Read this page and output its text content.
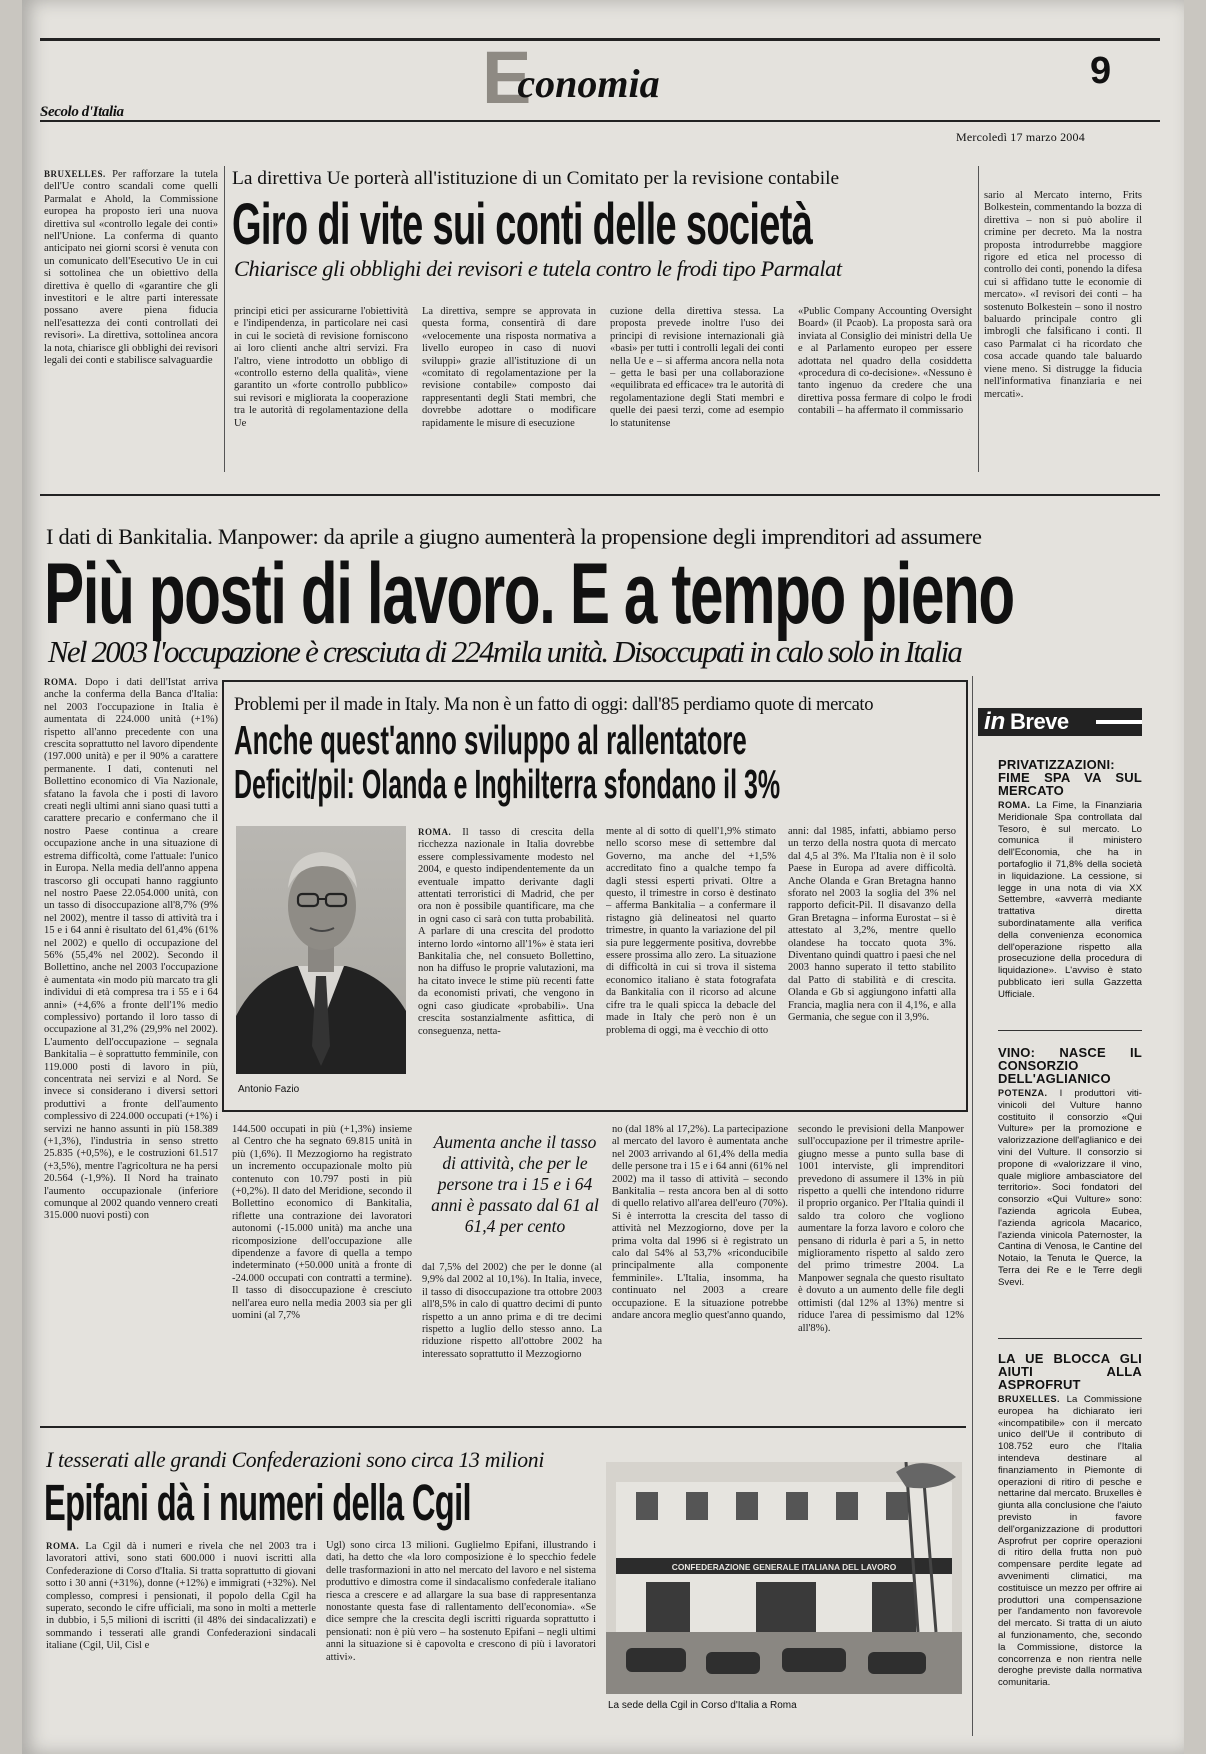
Secolo d'Italia	Economia	9
Mercoledì 17 marzo 2004
BRUXELLES. Per rafforzare la tutela dell'Ue contro scandali come quelli Parmalat e Ahold, la Commissione europea ha proposto ieri una nuova direttiva sul «controllo legale dei conti» nell'Unione. La conferma di quanto anticipato nei giorni scorsi è venuta con un comunicato dell'Esecutivo Ue in cui si sottolinea che un obiettivo della direttiva è quello di «garantire che gli investitori e le altre parti interessate possano avere piena fiducia nell'esattezza dei conti controllati dei revisori». La direttiva, sottolinea ancora la nota, chiarisce gli obblighi dei revisori legali dei conti e stabilisce salvaguardie
La direttiva Ue porterà all'istituzione di un Comitato per la revisione contabile
Giro di vite sui conti delle società
Chiarisce gli obblighi dei revisori e tutela contro le frodi tipo Parmalat
principi etici per assicurarne l'obiettività e l'indipendenza, in particolare nei casi in cui le società di revisione forniscono ai loro clienti anche altri servizi. Fra l'altro, viene introdotto un obbligo di «controllo esterno della qualità», viene garantito un «forte controllo pubblico» sui revisori e migliorata la cooperazione tra le autorità di regolamentazione della Ue
La direttiva, sempre se approvata in questa forma, consentirà di dare «velocemente una risposta normativa a livello europeo in caso di nuovi sviluppi» grazie all'istituzione di un «comitato di regolamentazione per la revisione contabile» composto dai rappresentanti degli Stati membri, che dovrebbe adottare o modificare rapidamente le misure di esecuzione
cuzione della direttiva stessa. La proposta prevede inoltre l'uso dei principi di revisione internazionali già «basi» per tutti i controlli legali dei conti nella Ue e – si afferma ancora nella nota – getta le basi per una collaborazione «equilibrata ed efficace» tra le autorità di regolamentazione degli Stati membri e quelle dei paesi terzi, come ad esempio lo statunitense
«Public Company Accounting Oversight Board» (il Pcaob). La proposta sarà ora inviata al Consiglio dei ministri della Ue e al Parlamento europeo per essere adottata nel quadro della cosiddetta «procedura di co-decisione». «Nessuno è tanto ingenuo da credere che una direttiva possa fermare di colpo le frodi contabili – ha affermato il commissario
sario al Mercato interno, Frits Bolkestein, commentando la bozza di direttiva – non si può abolire il crimine per decreto. Ma la nostra proposta introdurrebbe maggiore rigore ed etica nel processo di controllo dei conti, ponendo la difesa cui si affidano tutte le economie di mercato». «I revisori dei conti – ha sostenuto Bolkestein – sono il nostro baluardo principale contro gli imbrogli che falsificano i conti. Il caso Parmalat ci ha ricordato che cosa accade quando tale baluardo viene meno. Si distrugge la fiducia nell'informativa finanziaria e nei mercati».
I dati di Bankitalia. Manpower: da aprile a giugno aumenterà la propensione degli imprenditori ad assumere
Più posti di lavoro. E a tempo pieno
Nel 2003 l'occupazione è cresciuta di 224mila unità. Disoccupati in calo solo in Italia
ROMA. Dopo i dati dell'Istat arriva anche la conferma della Banca d'Italia: nel 2003 l'occupazione in Italia è aumentata di 224.000 unità (+1%) rispetto all'anno precedente con una crescita soprattutto nel lavoro dipendente (197.000 unità) e per il 90% a carattere permanente. I dati, contenuti nel Bollettino economico di Via Nazionale, sfatano la favola che i posti di lavoro creati negli ultimi anni siano quasi tutti a carattere precario e confermano che il nostro Paese continua a creare occupazione anche in una situazione di estrema difficoltà, come l'attuale: l'unico in Europa. Nella media dell'anno appena trascorso gli occupati hanno raggiunto nel nostro Paese 22.054.000 unità, con un tasso di disoccupazione all'8,7% (9% nel 2002), mentre il tasso di attività tra i 15 e i 64 anni è risultato del 61,4% (61% nel 2002) e quello di occupazione del 56% (55,4% nel 2002). Secondo il Bollettino, anche nel 2003 l'occupazione è aumentata «in modo più marcato tra gli individui di età compresa tra i 55 e i 64 anni» (+4,6% a fronte dell'1% medio complessivo) portando il loro tasso di occupazione al 31,2% (29,9% nel 2002). L'aumento dell'occupazione – segnala Bankitalia – è soprattutto femminile, con 119.000 posti di lavoro in più, concentrata nei servizi e al Nord. Se invece si considerano i diversi settori produttivi a fronte dell'aumento complessivo di 224.000 occupati (+1%) i servizi ne hanno assunti in più 158.389 (+1,3%), l'industria in senso stretto 25.835 (+0,5%), e le costruzioni 61.517 (+3,5%), mentre l'agricoltura ne ha persi 20.564 (-1,9%). Il Nord ha trainato l'aumento occupazionale (inferiore comunque al 2002 quando vennero creati 315.000 nuovi posti) con
Problemi per il made in Italy. Ma non è un fatto di oggi: dall'85 perdiamo quote di mercato
Anche quest'anno sviluppo al rallentatore
Deficit/pil: Olanda e Inghilterra sfondano il 3%
Antonio Fazio
ROMA. Il tasso di crescita della ricchezza nazionale in Italia dovrebbe essere complessivamente modesto nel 2004, e questo indipendentemente da un eventuale impatto derivante dagli attentati terroristici di Madrid, che per ora non è possibile quantificare, ma che in ogni caso ci sarà con tutta probabilità. A parlare di una crescita del prodotto interno lordo «intorno all'1%» è stata ieri Bankitalia che, nel consueto Bollettino, non ha diffuso le proprie valutazioni, ma ha citato invece le stime più recenti fatte da economisti privati, che vengono in ogni caso giudicate «probabili». Una crescita sostanzialmente asfittica, di conseguenza, netta-
mente al di sotto di quell'1,9% stimato nello scorso mese di settembre dal Governo, ma anche del +1,5% accreditato fino a qualche tempo fa dagli stessi esperti privati. Oltre a questo, il trimestre in corso è destinato – afferma Bankitalia – a confermare il ristagno già delineatosi nel quarto trimestre, in quanto la variazione del pil sia pure leggermente positiva, dovrebbe essere prossima allo zero. La situazione di difficoltà in cui si trova il sistema economico italiano è stata fotografata da Bankitalia con il ricorso ad alcune cifre tra le quali spicca la debacle del made in Italy che però non è un problema di oggi, ma è vecchio di otto
anni: dal 1985, infatti, abbiamo perso un terzo della nostra quota di mercato dal 4,5 al 3%. Ma l'Italia non è il solo Paese in Europa ad avere difficoltà. Anche Olanda e Gran Bretagna hanno sforato nel 2003 la soglia del 3% nel rapporto deficit-Pil. Il disavanzo della Gran Bretagna – informa Eurostat – si è attestato al 3,2%, mentre quello olandese ha toccato quota 3%. Diventano quindi quattro i paesi che nel 2003 hanno superato il tetto stabilito dal Patto di stabilità e di crescita. Olanda e Gb si aggiungono infatti alla Francia, maglia nera con il 4,1%, e alla Germania, che segue con il 3,9%.
144.500 occupati in più (+1,3%) insieme al Centro che ha segnato 69.815 unità in più (1,6%). Il Mezzogiorno ha registrato un incremento occupazionale molto più contenuto con 10.797 posti in più (+0,2%). Il dato del Meridione, secondo il Bollettino economico di Bankitalia, riflette una contrazione dei lavoratori autonomi (-15.000 unità) ma anche una ricomposizione dell'occupazione alle dipendenze a favore di quella a tempo indeterminato (+50.000 unità a fronte di -24.000 occupati con contratti a termine). Il tasso di disoccupazione è cresciuto nell'area euro nella media 2003 sia per gli uomini (al 7,7%
Aumenta anche il tasso di attività, che per le persone tra i 15 e i 64 anni è passato dal 61 al 61,4 per cento
dal 7,5% del 2002) che per le donne (al 9,9% dal 2002 al 10,1%). In Italia, invece, il tasso di disoccupazione tra ottobre 2003 all'8,5% in calo di quattro decimi di punto rispetto a un anno prima e di tre decimi rispetto a luglio dello stesso anno. La riduzione rispetto all'ottobre 2002 ha interessato soprattutto il Mezzogiorno
no (dal 18% al 17,2%). La partecipazione al mercato del lavoro è aumentata anche nel 2003 arrivando al 61,4% della media delle persone tra i 15 e i 64 anni (61% nel 2002) ma il tasso di attività – secondo Bankitalia – resta ancora ben al di sotto di quello relativo all'area dell'euro (70%). Si è interrotta la crescita del tasso di attività nel Mezzogiorno, dove per la prima volta dal 1996 si è registrato un calo dal 54% al 53,7% «riconducibile principalmente alla componente femminile». L'Italia, insomma, ha continuato nel 2003 a creare occupazione. E la situazione potrebbe andare ancora meglio quest'anno quando,
secondo le previsioni della Manpower sull'occupazione per il trimestre aprile-giugno messe a punto sulla base di 1001 interviste, gli imprenditori prevedono di assumere il 13% in più rispetto a quelli che intendono ridurre il proprio organico. Per l'Italia quindi il saldo tra coloro che vogliono aumentare la forza lavoro e coloro che pensano di ridurla è pari a 5, in netto miglioramento rispetto al saldo zero del primo trimestre 2004. La Manpower segnala che questo risultato è dovuto a un aumento delle file degli ottimisti (dal 12% al 13%) mentre si riduce l'area di pessimismo dal 12% all'8%).
in Breve
PRIVATIZZAZIONI: FIME SPA VA SUL MERCATO
ROMA. La Fime, la Finanziaria Meridionale Spa controllata dal Tesoro, è sul mercato. Lo comunica il ministero dell'Economia, che ha in portafoglio il 71,8% della società in liquidazione. La cessione, si legge in una nota di via XX Settembre, «avverrà mediante trattativa diretta subordinatamente alla verifica della convenienza economica dell'operazione rispetto alla prosecuzione della procedura di liquidazione». L'avviso è stato pubblicato ieri sulla Gazzetta Ufficiale.
VINO: NASCE IL CONSORZIO DELL'AGLIANICO
POTENZA. I produttori viti-vinicoli del Vulture hanno costituito il consorzio «Qui Vulture» per la promozione e valorizzazione dell'aglianico e dei vini del Vulture. Il consorzio si propone di «valorizzare il vino, quale migliore ambasciatore del territorio». Soci fondatori del consorzio «Qui Vulture» sono: l'azienda agricola Eubea, l'azienda agricola Macarico, l'azienda vinicola Paternoster, la Cantina di Venosa, le Cantine del Notaio, la Tenuta le Querce, la Terra dei Re e le Terre degli Svevi.
LA UE BLOCCA GLI AIUTI ALLA ASPROFRUT
BRUXELLES. La Commissione europea ha dichiarato ieri «incompatibile» con il mercato unico dell'Ue il contributo di 108.752 euro che l'Italia intendeva destinare al finanziamento in Piemonte di operazioni di ritiro di pesche e nettarine dal mercato. Bruxelles è giunta alla conclusione che l'aiuto previsto in favore dell'organizzazione di produttori Asprofrut per coprire operazioni di ritiro della frutta non può compensare perdite legate ad avvenimenti climatici, ma costituisce un mezzo per offrire ai produttori una compensazione per l'andamento non favorevole del mercato. Si tratta di un aiuto al funzionamento, che, secondo la Commissione, distorce la concorrenza e non rientra nelle deroghe previste dalla normativa comunitaria.
I tesserati alle grandi Confederazioni sono circa 13 milioni
Epifani dà i numeri della Cgil
ROMA. La Cgil dà i numeri e rivela che nel 2003 tra i lavoratori attivi, sono stati 600.000 i nuovi iscritti alla Confederazione di Corso d'Italia. Si tratta soprattutto di giovani sotto i 30 anni (+31%), donne (+12%) e immigrati (+32%). Nel complesso, compresi i pensionati, il popolo della Cgil ha superato, secondo le cifre ufficiali, ma sono in molti a metterle in dubbio, i 5,5 milioni di iscritti (il 48% dei sindacalizzati) e sommando i tesserati alle grandi Confederazioni sindacali italiane (Cgil, Uil, Cisl e
Ugl) sono circa 13 milioni. Guglielmo Epifani, illustrando i dati, ha detto che «la loro composizione è lo specchio fedele delle trasformazioni in atto nel mercato del lavoro e nel sistema produttivo e dimostra come il sindacalismo confederale italiano riesca a crescere e ad allargare la sua base di rappresentanza nonostante questa fase di rallentamento dell'economia». «Se dice sempre che la crescita degli iscritti riguarda soprattutto i pensionati: non è più vero – ha sostenuto Epifani – negli ultimi anni la situazione si è capovolta e crescono di più i lavoratori attivi».
CONFEDERAZIONE GENERALE ITALIANA DEL LAVORO
La sede della Cgil in Corso d'Italia a Roma
